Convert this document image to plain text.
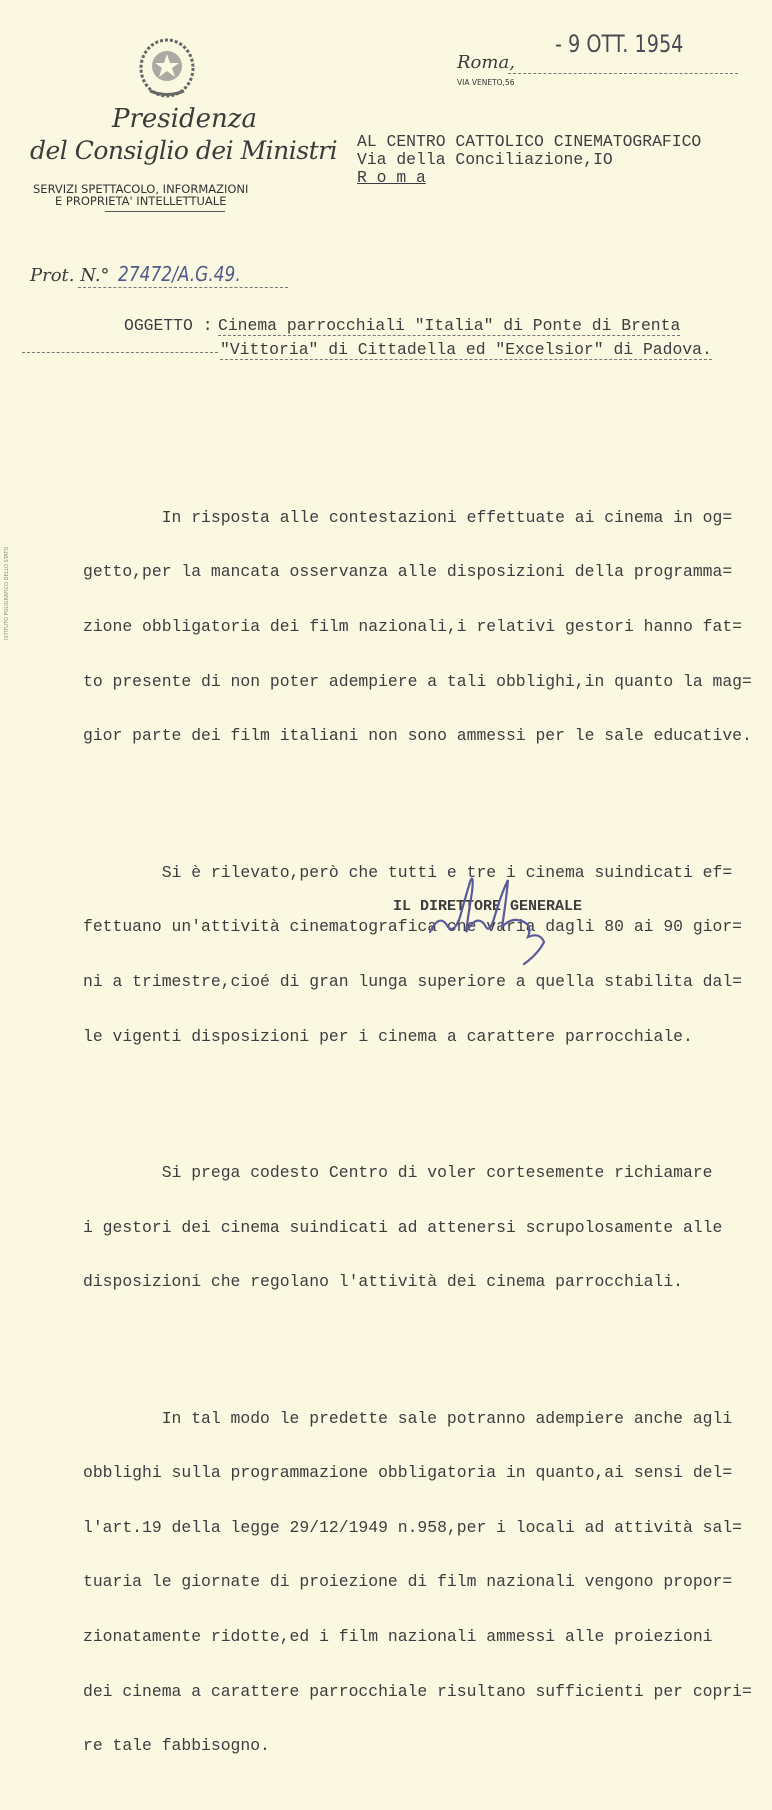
Presidenza
del Consiglio dei Ministri
SERVIZI SPETTACOLO, INFORMAZIONI
E PROPRIETA' INTELLETTUALE
Roma,
- 9 OTT. 1954
VIA VENETO,56
AL CENTRO CATTOLICO CINEMATOGRAFICO
Via della Conciliazione,IO
R o m a
Prot. N.° 27472/A.G.49.
OGGETTO : Cinema parrocchiali "Italia" di Ponte di Brenta
"Vittoria" di Cittadella ed "Excelsior" di Padova.

In risposta alle contestazioni effettuate ai cinema in og=

getto,per la mancata osservanza alle disposizioni della programma=

zione obbligatoria dei film nazionali,i relativi gestori hanno fat=

to presente di non poter adempiere a tali obblighi,in quanto la mag=

gior parte dei film italiani non sono ammessi per le sale educative.

Si è rilevato,però che tutti e tre i cinema suindicati ef=

fettuano un'attività cinematografica che varia dagli 80 ai 90 gior=

ni a trimestre,cioé di gran lunga superiore a quella stabilita dal=

le vigenti disposizioni per i cinema a carattere parrocchiale.

Si prega codesto Centro di voler cortesemente richiamare

i gestori dei cinema suindicati ad attenersi scrupolosamente alle

disposizioni che regolano l'attività dei cinema parrocchiali.

In tal modo le predette sale potranno adempiere anche agli

obblighi sulla programmazione obbligatoria in quanto,ai sensi del=

l'art.19 della legge 29/12/1949 n.958,per i locali ad attività sal=

tuaria le giornate di proiezione di film nazionali vengono propor=

zionatamente ridotte,ed i film nazionali ammessi alle proiezioni

dei cinema a carattere parrocchiale risultano sufficienti per copri=

re tale fabbisogno.

IL DIRETTORE GENERALE
ISTITUTO POLIGRAFICO DELLO STATO
